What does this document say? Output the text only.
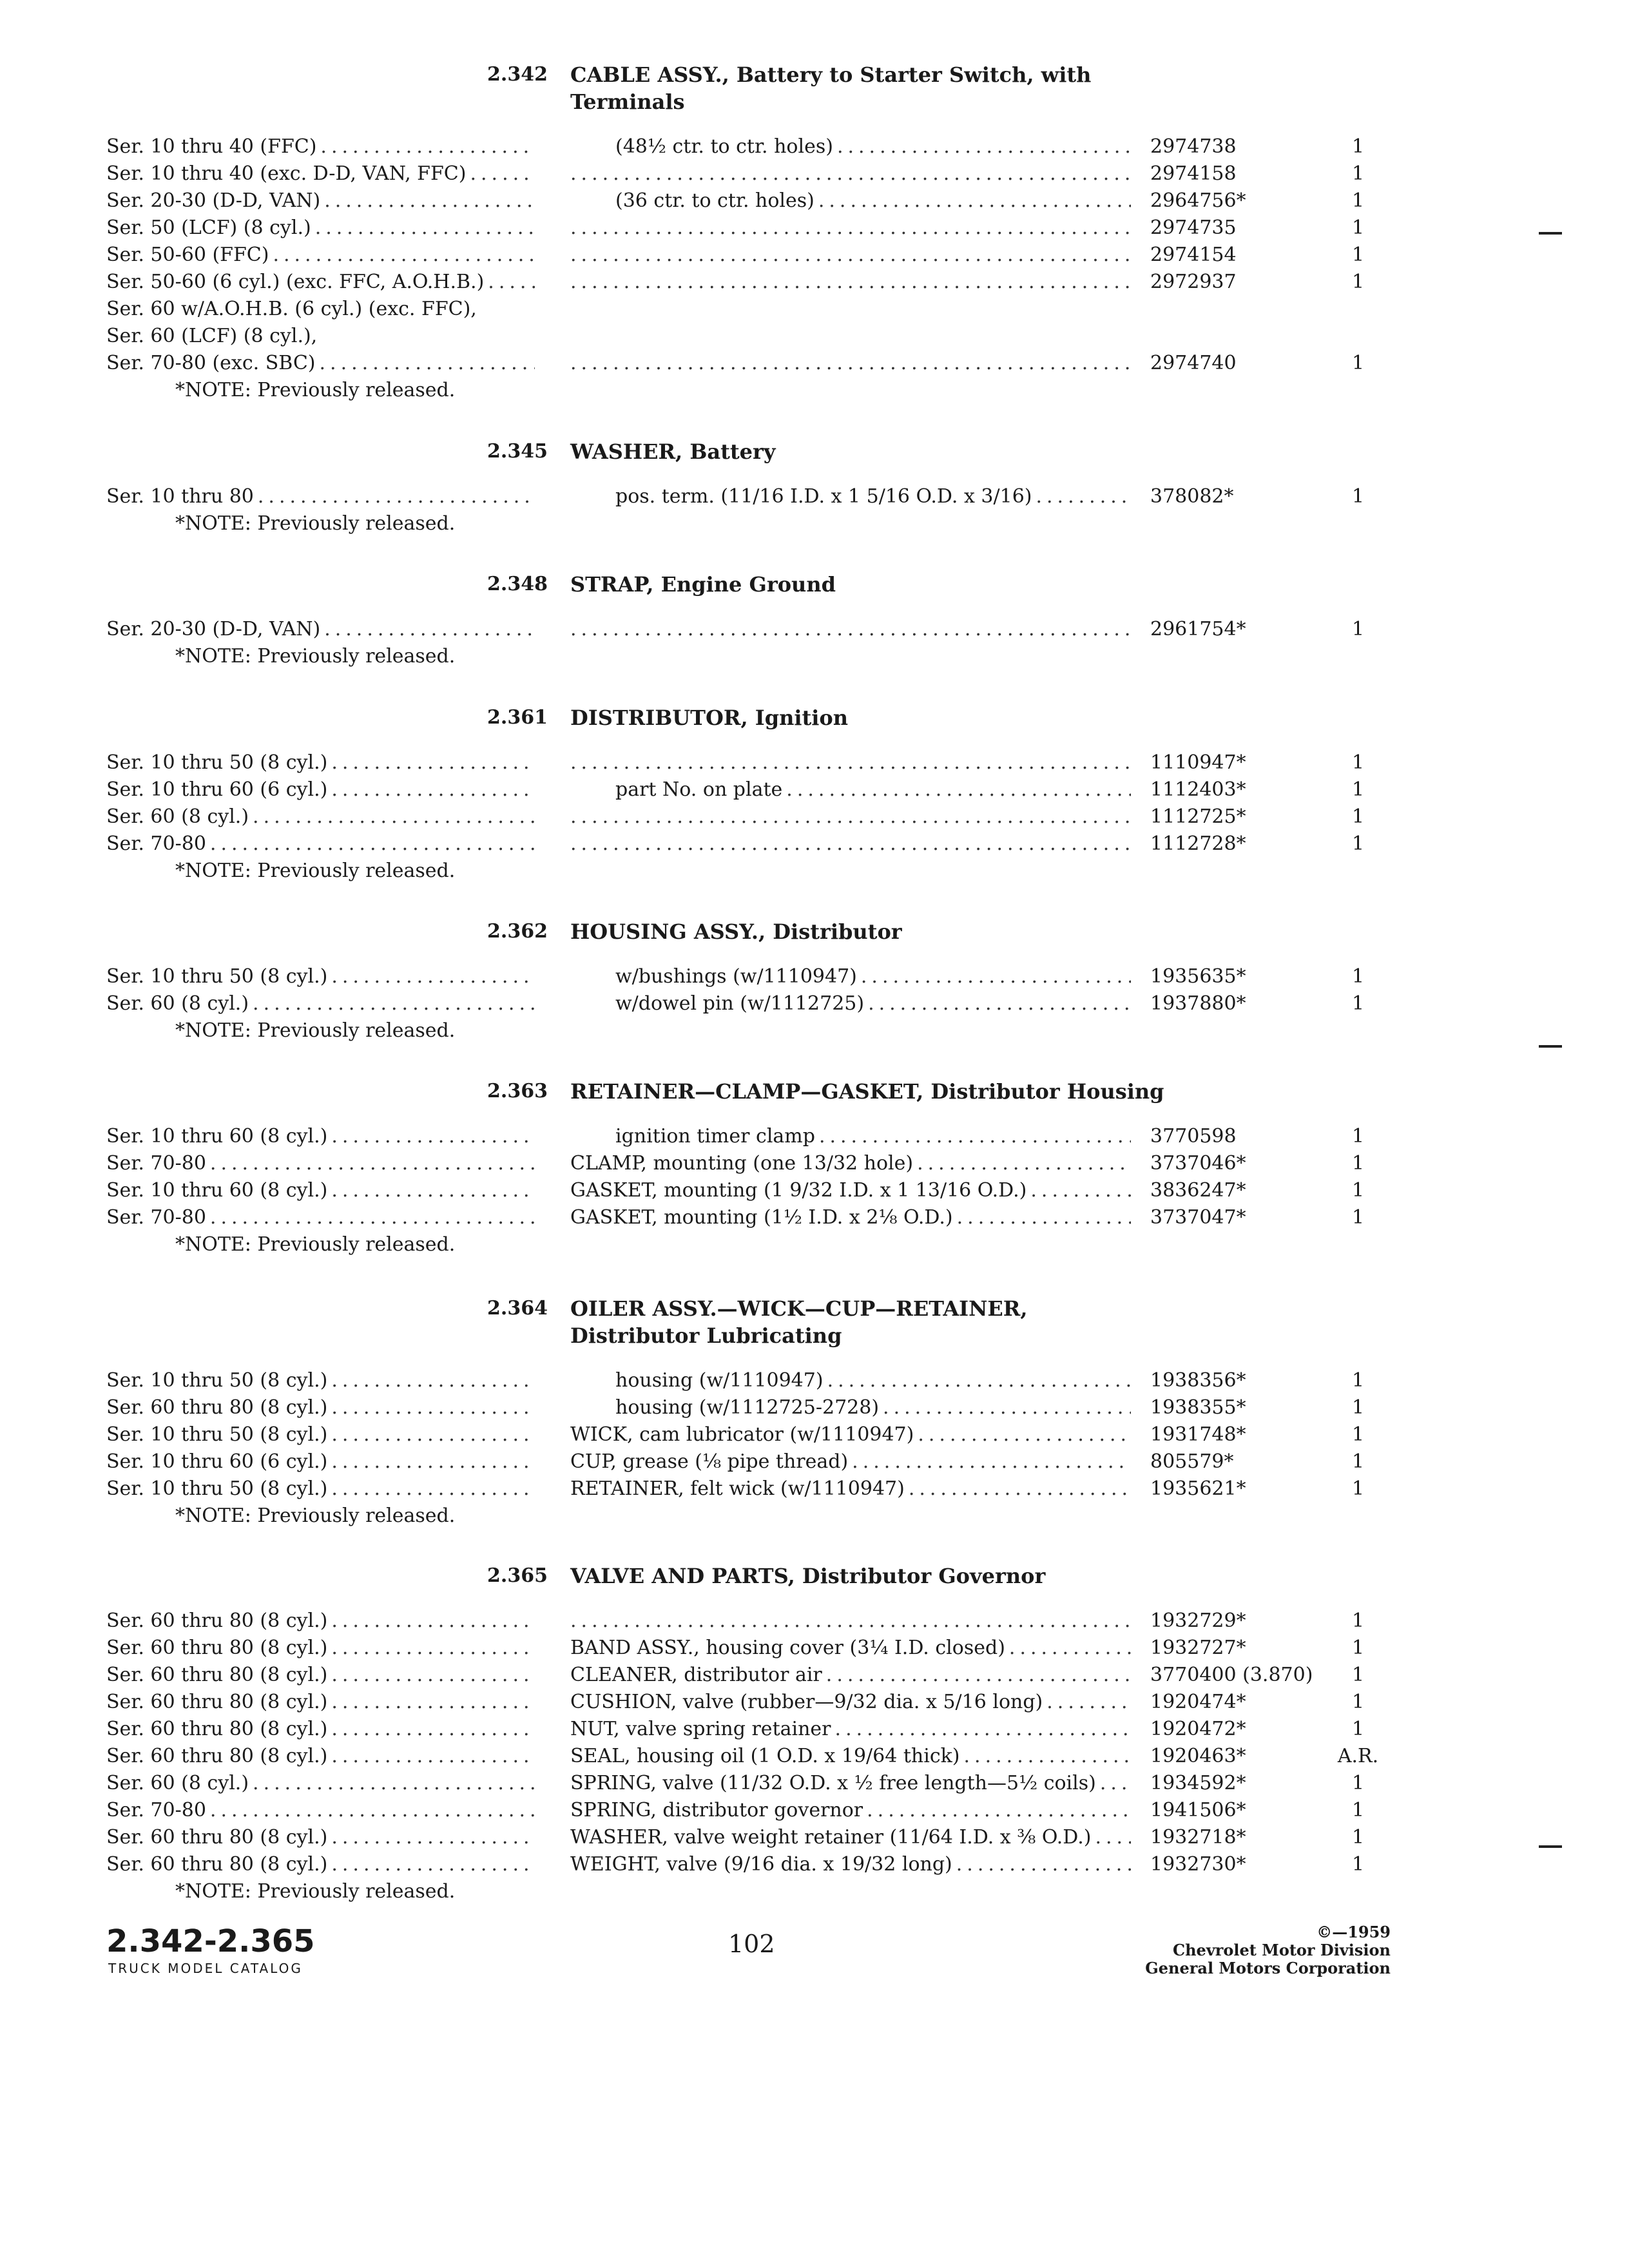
2.342 CABLE ASSY., Battery to Starter Switch, with Terminals
Ser. 10 thru 40 (FFC) .....	(48½ ctr. to ctr. holes) .....	2974738	1
Ser. 10 thru 40 (exc. D-D, VAN, FFC) ..... .....	2974158	1
Ser. 20-30 (D-D, VAN) .....	(36 ctr. to ctr. holes) .....	2964756*	1
Ser. 50 (LCF) (8 cyl.) ..... .....	2974735	1
Ser. 50-60 (FFC) ..... .....	2974154	1
Ser. 50-60 (6 cyl.) (exc. FFC, A.O.H.B.) ..... .....	2972937	1
Ser. 60 w/A.O.H.B. (6 cyl.) (exc. FFC),
Ser. 60 (LCF) (8 cyl.),
Ser. 70-80 (exc. SBC) ..... .....	2974740	1
*NOTE: Previously released.
2.345 WASHER, Battery
Ser. 10 thru 80 .....	pos. term. (11/16 I.D. x 1 5/16 O.D. x 3/16) .....	378082*	1
*NOTE: Previously released.
2.348 STRAP, Engine Ground
Ser. 20-30 (D-D, VAN) ..... .....	2961754*	1
*NOTE: Previously released.
2.361 DISTRIBUTOR, Ignition
Ser. 10 thru 50 (8 cyl.) ..... .....	1110947*	1
Ser. 10 thru 60 (6 cyl.) .....	part No. on plate .....	1112403*	1
Ser. 60 (8 cyl.) ..... .....	1112725*	1
Ser. 70-80 ..... .....	1112728*	1
*NOTE: Previously released.
2.362 HOUSING ASSY., Distributor
Ser. 10 thru 50 (8 cyl.) .....	w/bushings (w/1110947) .....	1935635*	1
Ser. 60 (8 cyl.) .....	w/dowel pin (w/1112725) .....	1937880*	1
*NOTE: Previously released.
2.363 RETAINER—CLAMP—GASKET, Distributor Housing
Ser. 10 thru 60 (8 cyl.) .....	ignition timer clamp .....	3770598	1
Ser. 70-80 .....	CLAMP, mounting (one 13/32 hole) .....	3737046*	1
Ser. 10 thru 60 (8 cyl.) .....	GASKET, mounting (1 9/32 I.D. x 1 13/16 O.D.) .....	3836247*	1
Ser. 70-80 .....	GASKET, mounting (1½ I.D. x 2⅛ O.D.) .....	3737047*	1
*NOTE: Previously released.
2.364 OILER ASSY.—WICK—CUP—RETAINER, Distributor Lubricating
Ser. 10 thru 50 (8 cyl.) .....	housing (w/1110947) .....	1938356*	1
Ser. 60 thru 80 (8 cyl.) .....	housing (w/1112725-2728) .....	1938355*	1
Ser. 10 thru 50 (8 cyl.) .....	WICK, cam lubricator (w/1110947) .....	1931748*	1
Ser. 10 thru 60 (6 cyl.) .....	CUP, grease (⅛ pipe thread) .....	805579*	1
Ser. 10 thru 50 (8 cyl.) .....	RETAINER, felt wick (w/1110947) .....	1935621*	1
*NOTE: Previously released.
2.365 VALVE AND PARTS, Distributor Governor
Ser. 60 thru 80 (8 cyl.) ..... .....	1932729*	1
Ser. 60 thru 80 (8 cyl.) .....	BAND ASSY., housing cover (3¼ I.D. closed) .....	1932727*	1
Ser. 60 thru 80 (8 cyl.) .....	CLEANER, distributor air .....	3770400 (3.870)	1
Ser. 60 thru 80 (8 cyl.) .....	CUSHION, valve (rubber—9/32 dia. x 5/16 long) .....	1920474*	1
Ser. 60 thru 80 (8 cyl.) .....	NUT, valve spring retainer .....	1920472*	1
Ser. 60 thru 80 (8 cyl.) .....	SEAL, housing oil (1 O.D. x 19/64 thick) .....	1920463*	A.R.
Ser. 60 (8 cyl.) .....	SPRING, valve (11/32 O.D. x ½ free length—5½ coils) .....	1934592*	1
Ser. 70-80 .....	SPRING, distributor governor .....	1941506*	1
Ser. 60 thru 80 (8 cyl.) .....	WASHER, valve weight retainer (11/64 I.D. x ⅜ O.D.) .....	1932718*	1
Ser. 60 thru 80 (8 cyl.) .....	WEIGHT, valve (9/16 dia. x 19/32 long) .....	1932730*	1
*NOTE: Previously released.
2.342-2.365
TRUCK MODEL CATALOG
102	©—1959
Chevrolet Motor Division
General Motors Corporation
